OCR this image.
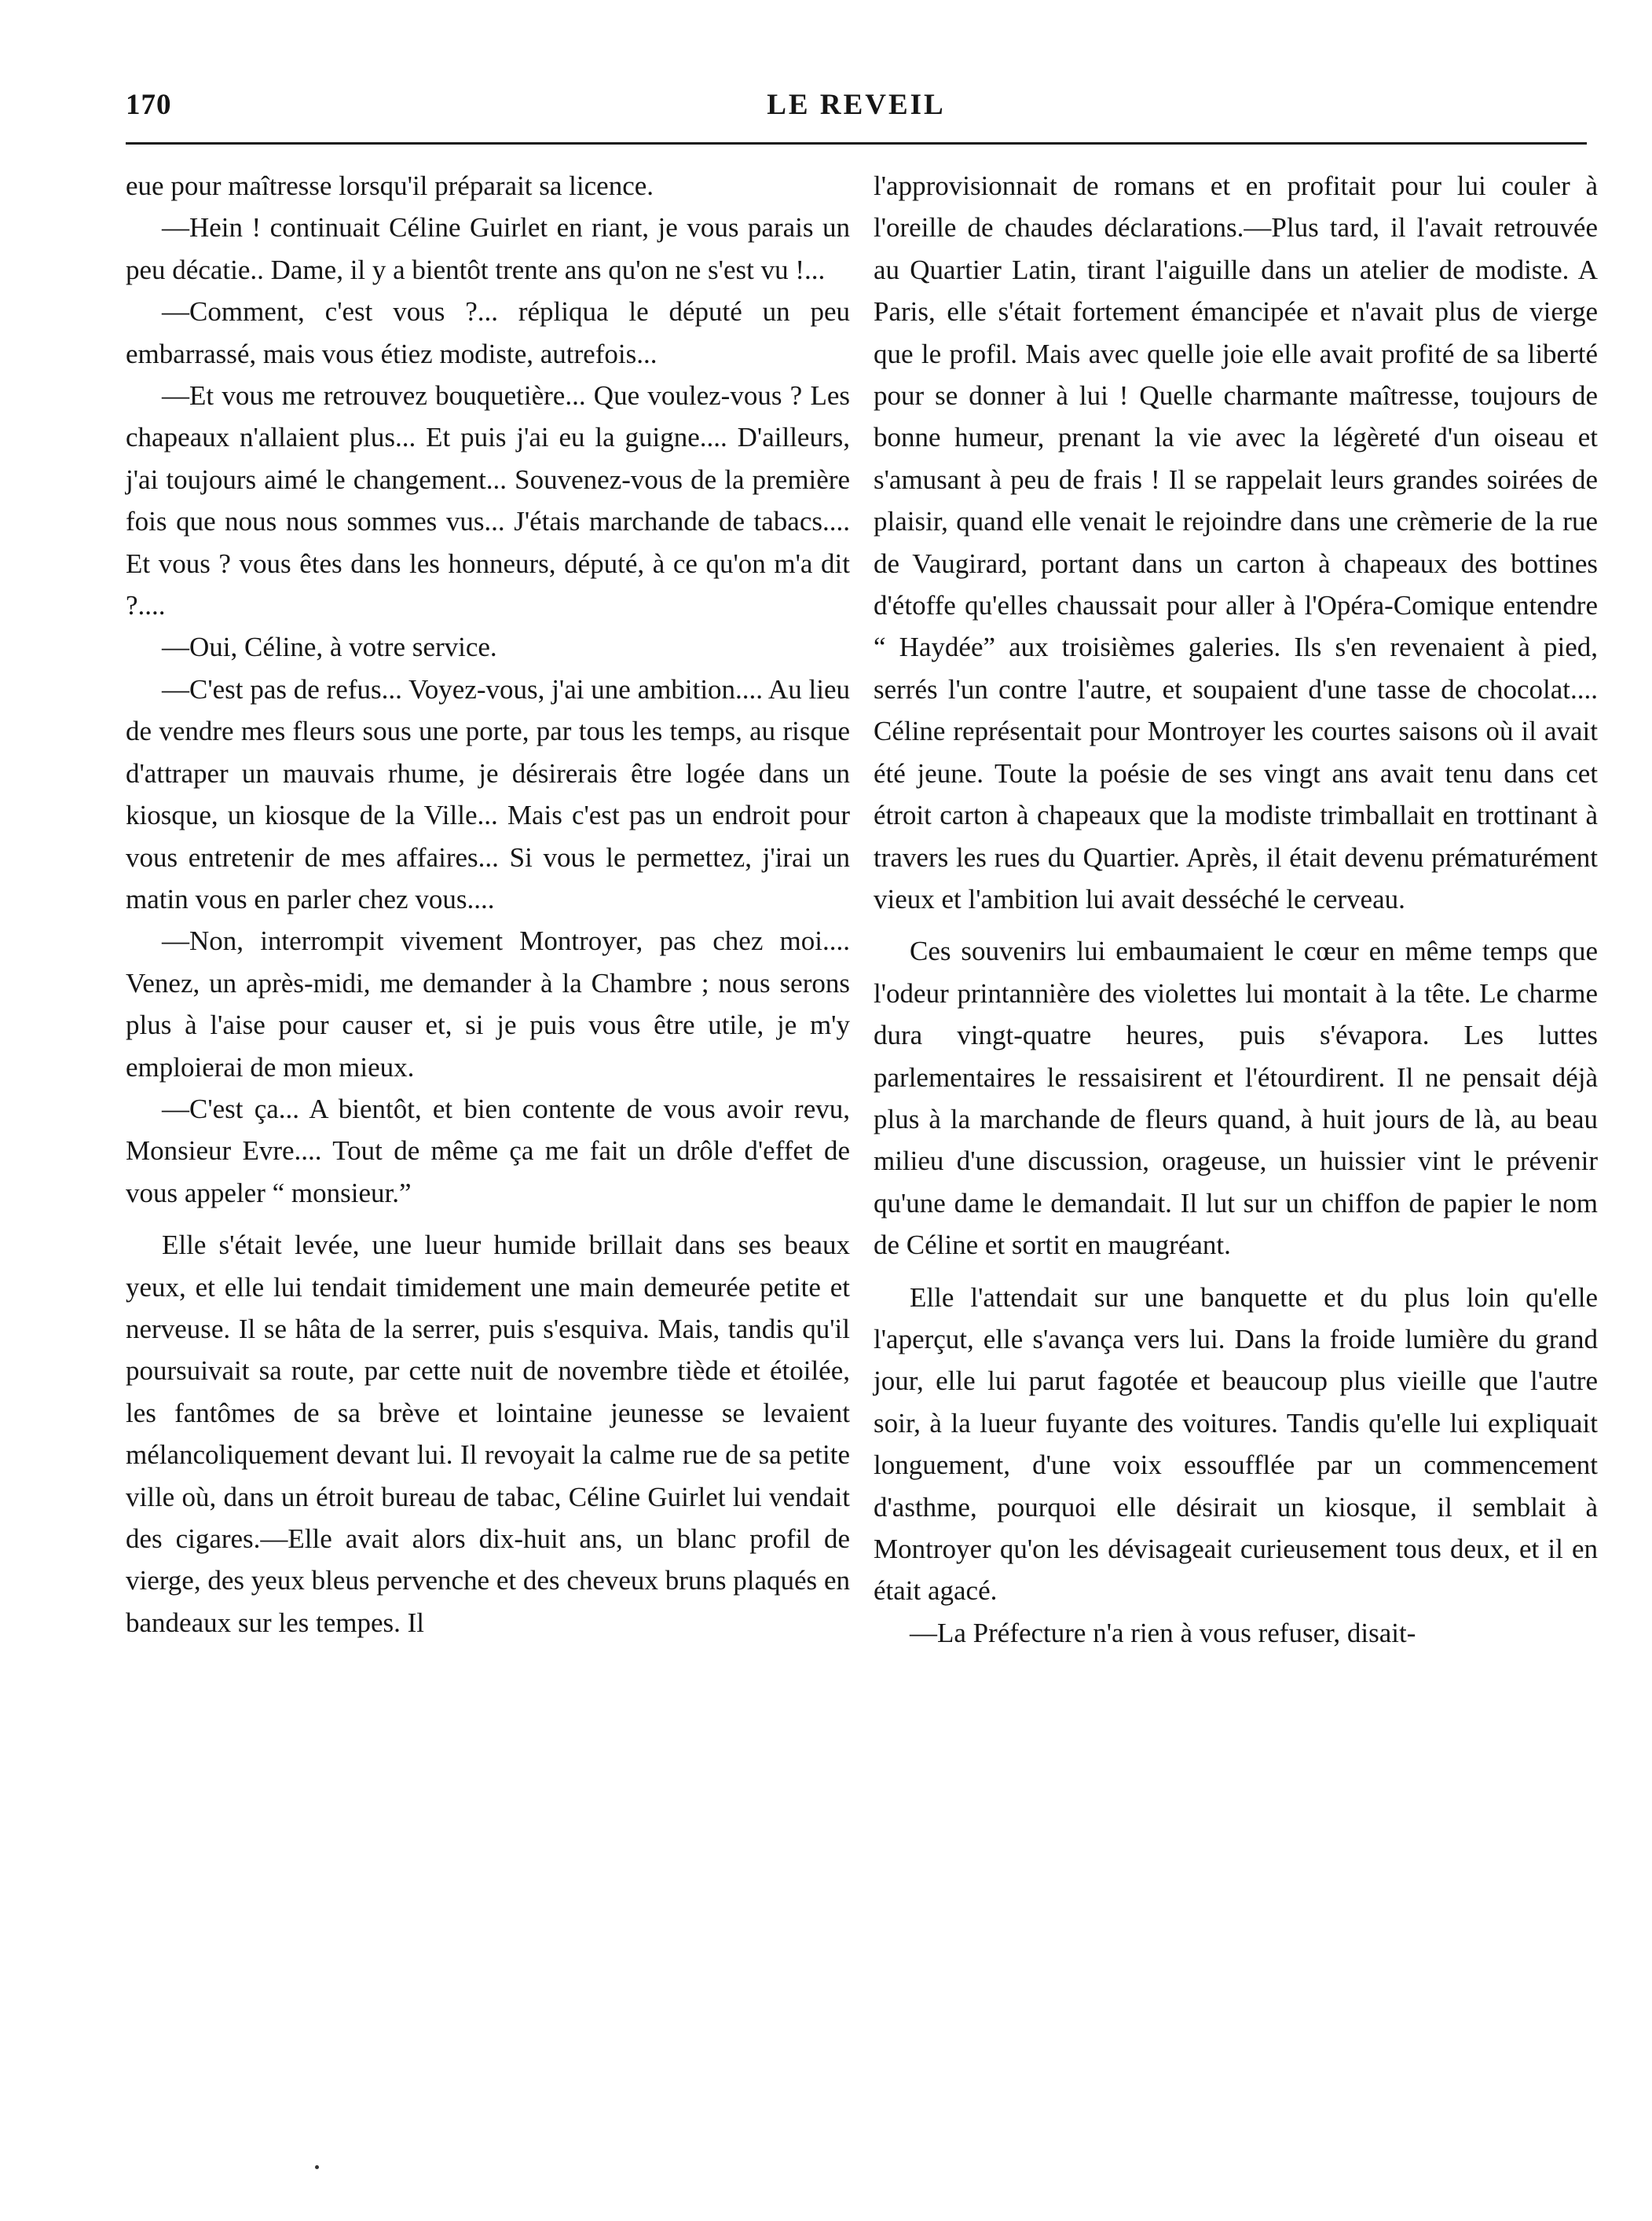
170	LE REVEIL

eue pour maîtresse lorsqu'il préparait sa licence.

—Hein ! continuait Céline Guirlet en riant, je vous parais un peu décatie.. Dame, il y a bientôt trente ans qu'on ne s'est vu !...

—Comment, c'est vous ?... répliqua le député un peu embarrassé, mais vous étiez modiste, autrefois...

—Et vous me retrouvez bouquetière... Que voulez-vous ? Les chapeaux n'allaient plus... Et puis j'ai eu la guigne.... D'ailleurs, j'ai toujours aimé le changement... Souvenez-vous de la première fois que nous nous sommes vus... J'étais marchande de tabacs.... Et vous ? vous êtes dans les honneurs, député, à ce qu'on m'a dit ?....

—Oui, Céline, à votre service.

—C'est pas de refus... Voyez-vous, j'ai une ambition.... Au lieu de vendre mes fleurs sous une porte, par tous les temps, au risque d'attraper un mauvais rhume, je désirerais être logée dans un kiosque, un kiosque de la Ville... Mais c'est pas un endroit pour vous entretenir de mes affaires... Si vous le permettez, j'irai un matin vous en parler chez vous....

—Non, interrompit vivement Montroyer, pas chez moi.... Venez, un après-midi, me demander à la Chambre ; nous serons plus à l'aise pour causer et, si je puis vous être utile, je m'y emploierai de mon mieux.

—C'est ça... A bientôt, et bien contente de vous avoir revu, Monsieur Evre.... Tout de même ça me fait un drôle d'effet de vous appeler “ monsieur.”

Elle s'était levée, une lueur humide brillait dans ses beaux yeux, et elle lui tendait timidement une main demeurée petite et nerveuse. Il se hâta de la serrer, puis s'esquiva. Mais, tandis qu'il poursuivait sa route, par cette nuit de novembre tiède et étoilée, les fantômes de sa brève et lointaine jeunesse se levaient mélancoliquement devant lui. Il revoyait la calme rue de sa petite ville où, dans un étroit bureau de tabac, Céline Guirlet lui vendait des cigares.—Elle avait alors dix-huit ans, un blanc profil de vierge, des yeux bleus pervenche et des cheveux bruns plaqués en bandeaux sur les tempes. Il

l'approvisionnait de romans et en profitait pour lui couler à l'oreille de chaudes déclarations.—Plus tard, il l'avait retrouvée au Quartier Latin, tirant l'aiguille dans un atelier de modiste. A Paris, elle s'était fortement émancipée et n'avait plus de vierge que le profil. Mais avec quelle joie elle avait profité de sa liberté pour se donner à lui ! Quelle charmante maîtresse, toujours de bonne humeur, prenant la vie avec la légèreté d'un oiseau et s'amusant à peu de frais ! Il se rappelait leurs grandes soirées de plaisir, quand elle venait le rejoindre dans une crèmerie de la rue de Vaugirard, portant dans un carton à chapeaux des bottines d'étoffe qu'elles chaussait pour aller à l'Opéra-Comique entendre “ Haydée” aux troisièmes galeries. Ils s'en revenaient à pied, serrés l'un contre l'autre, et soupaient d'une tasse de chocolat.... Céline représentait pour Montroyer les courtes saisons où il avait été jeune. Toute la poésie de ses vingt ans avait tenu dans cet étroit carton à chapeaux que la modiste trimballait en trottinant à travers les rues du Quartier. Après, il était devenu prématurément vieux et l'ambition lui avait desséché le cerveau.

Ces souvenirs lui embaumaient le cœur en même temps que l'odeur printannière des violettes lui montait à la tête. Le charme dura vingt-quatre heures, puis s'évapora. Les luttes parlementaires le ressaisirent et l'étourdirent. Il ne pensait déjà plus à la marchande de fleurs quand, à huit jours de là, au beau milieu d'une discussion, orageuse, un huissier vint le prévenir qu'une dame le demandait. Il lut sur un chiffon de papier le nom de Céline et sortit en maugréant.

Elle l'attendait sur une banquette et du plus loin qu'elle l'aperçut, elle s'avança vers lui. Dans la froide lumière du grand jour, elle lui parut fagotée et beaucoup plus vieille que l'autre soir, à la lueur fuyante des voitures. Tandis qu'elle lui expliquait longuement, d'une voix essoufflée par un commencement d'asthme, pourquoi elle désirait un kiosque, il semblait à Montroyer qu'on les dévisageait curieusement tous deux, et il en était agacé.

—La Préfecture n'a rien à vous refuser, disait-
